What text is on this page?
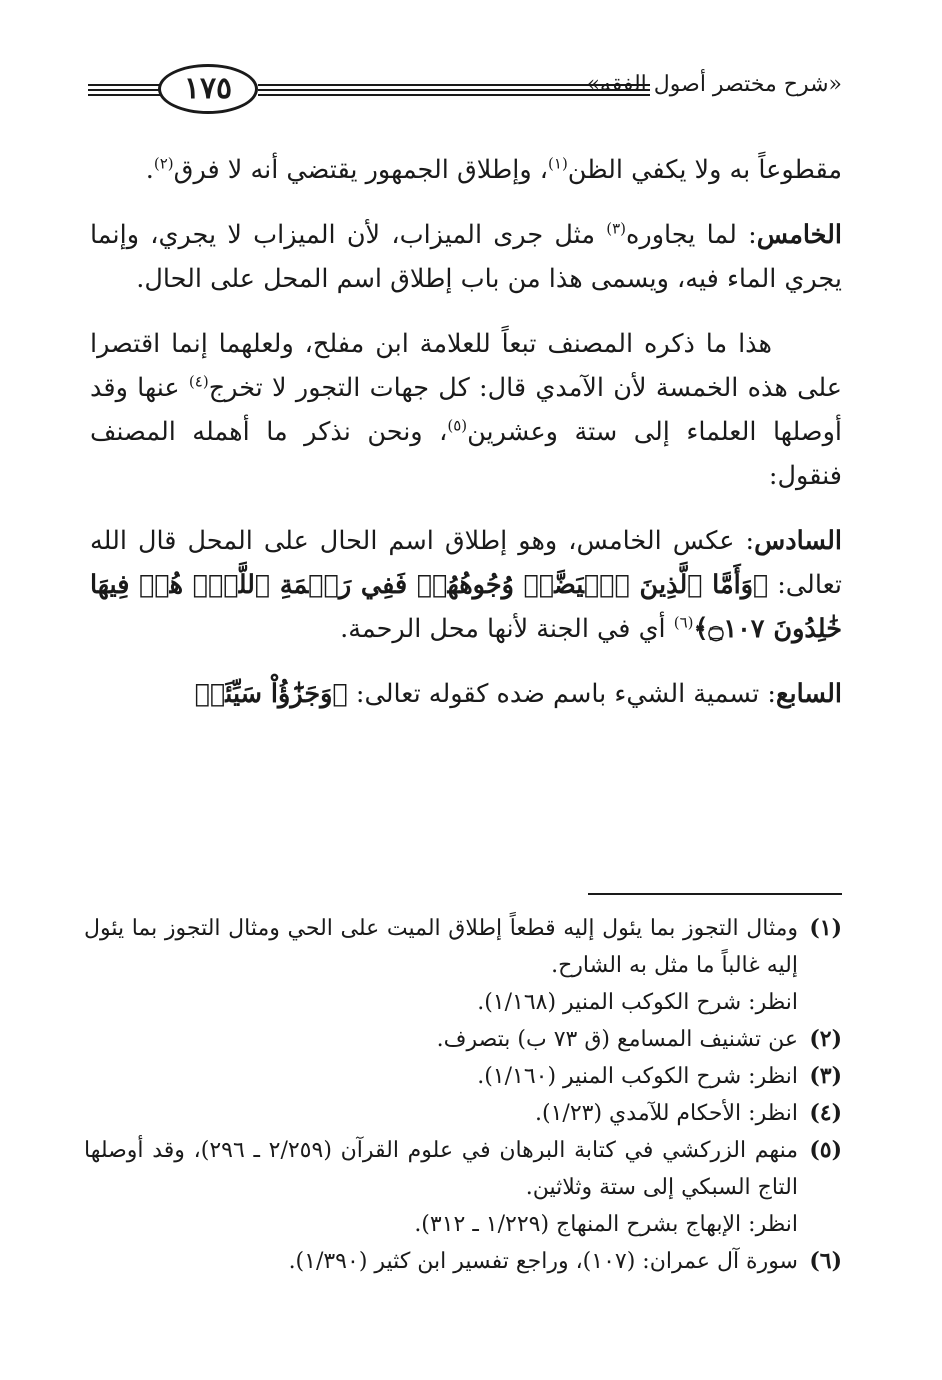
١٧٥	«شرح مختصر أصول الفقه»

مقطوعاً به ولا يكفي الظن$^{(١)}$، وإطلاق الجمهور يقتضي أنه لا فرق$^{(٢)}$.

الخامس: لما يجاوره$^{(٣)}$ مثل جرى الميزاب، لأن الميزاب لا يجري، وإنما يجري الماء فيه، ويسمى هذا من باب إطلاق اسم المحل على الحال.

هذا ما ذكره المصنف تبعاً للعلامة ابن مفلح، ولعلهما إنما اقتصرا على هذه الخمسة لأن الآمدي قال: كل جهات التجور لا تخرج$^{(٤)}$ عنها وقد أوصلها العلماء إلى ستة وعشرين$^{(٥)}$، ونحن نذكر ما أهمله المصنف فنقول:

السادس: عكس الخامس، وهو إطلاق اسم الحال على المحل قال الله تعالى: ﴿وَأَمَّا ٱلَّذِينَ ٱبۡيَضَّتۡ وُجُوهُهُمۡ فَفِي رَحۡمَةِ ٱللَّهِۖ هُمۡ فِيهَا خَٰلِدُونَ ۝١٠٧﴾$^{(٦)}$ أي في الجنة لأنها محل الرحمة.

السابع: تسمية الشيء باسم ضده كقوله تعالى: ﴿وَجَزَٰٓؤُاْ سَيِّئَةٖ

(١)
ومثال التجوز بما يئول إليه قطعاً إطلاق الميت على الحي ومثال التجوز بما يئول إليه غالباً ما مثل به الشارح.
انظر: شرح الكوكب المنير (١/١٦٨).
(٢)
عن تشنيف المسامع (ق ٧٣ ب) بتصرف.
(٣)
انظر: شرح الكوكب المنير (١/١٦٠).
(٤)
انظر: الأحكام للآمدي (١/٢٣).
(٥)
منهم الزركشي في كتابة البرهان في علوم القرآن (٢/٢٥٩ ـ ٢٩٦)، وقد أوصلها التاج السبكي إلى ستة وثلاثين.
انظر: الإبهاج بشرح المنهاج (١/٢٢٩ ـ ٣١٢).
(٦)
سورة آل عمران: (١٠٧)، وراجع تفسير ابن كثير (١/٣٩٠).
